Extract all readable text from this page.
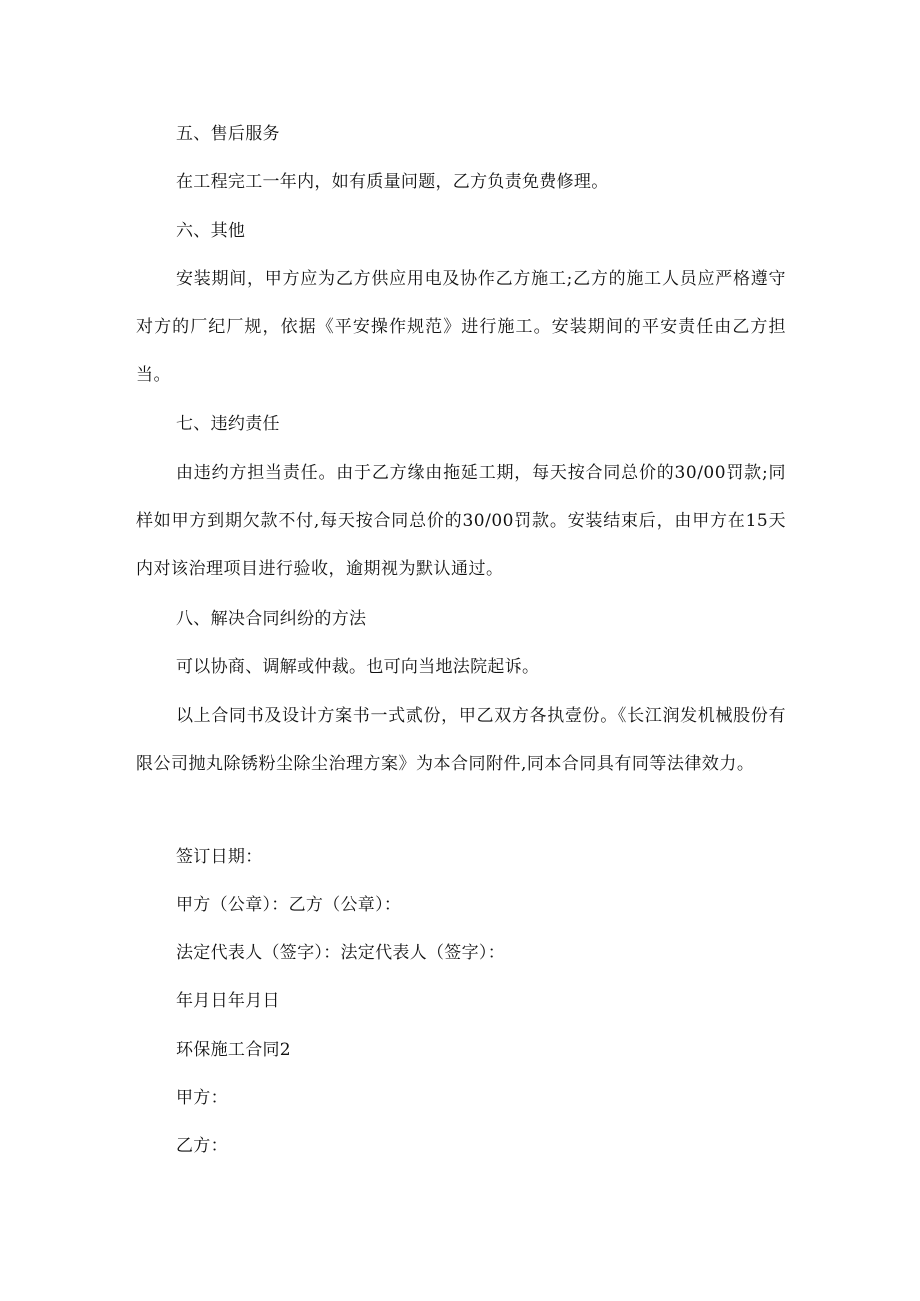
五、售后服务
在工程完工一年内，如有质量问题，乙方负责免费修理。
六、其他
安装期间，甲方应为乙方供应用电及协作乙方施工;乙方的施工人员应严格遵守对方的厂纪厂规，依据《平安操作规范》进行施工。安装期间的平安责任由乙方担当。
七、违约责任
由违约方担当责任。由于乙方缘由拖延工期，每天按合同总价的30/00罚款;同样如甲方到期欠款不付,每天按合同总价的30/00罚款。安装结束后，由甲方在15天内对该治理项目进行验收，逾期视为默认通过。
八、解决合同纠纷的方法
可以协商、调解或仲裁。也可向当地法院起诉。
以上合同书及设计方案书一式贰份，甲乙双方各执壹份。《长江润发机械股份有限公司抛丸除锈粉尘除尘治理方案》为本合同附件,同本合同具有同等法律效力。
签订日期：
甲方（公章）：乙方（公章）：
法定代表人（签字）：法定代表人（签字）：
年月日年月日
环保施工合同2
甲方：
乙方：
